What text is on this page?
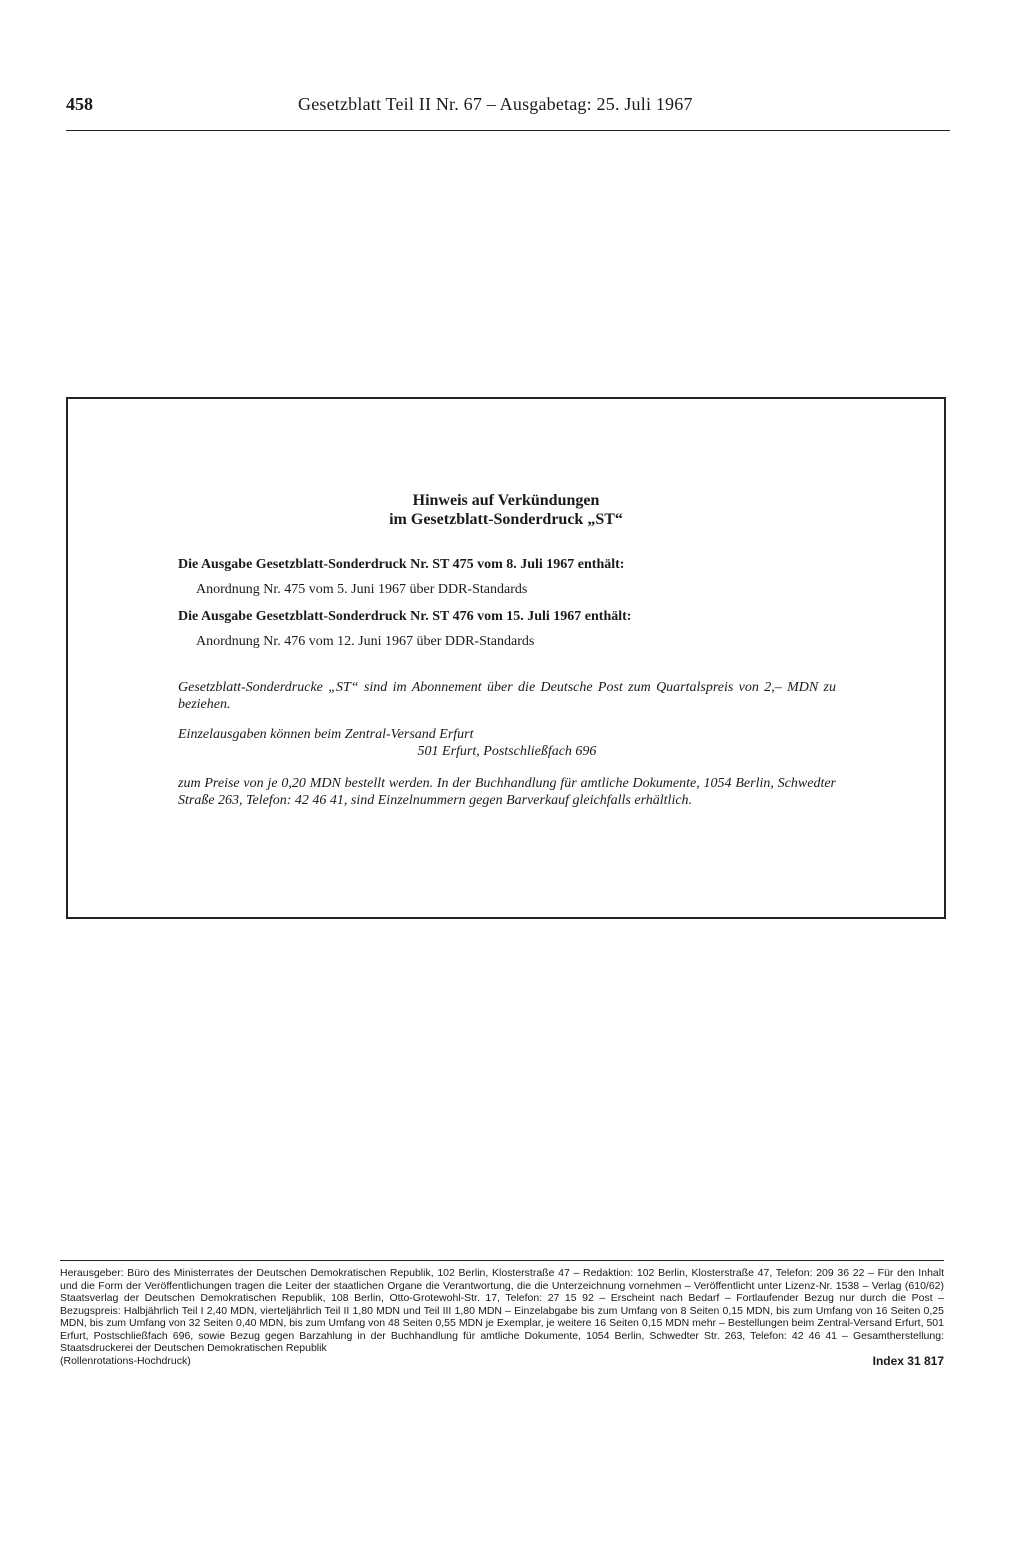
458	Gesetzblatt Teil II Nr. 67 – Ausgabetag: 25. Juli 1967
Hinweis auf Verkündungen
im Gesetzblatt-Sonderdruck „ST“
Die Ausgabe Gesetzblatt-Sonderdruck Nr. ST 475 vom 8. Juli 1967 enthält:
Anordnung Nr. 475 vom 5. Juni 1967 über DDR-Standards
Die Ausgabe Gesetzblatt-Sonderdruck Nr. ST 476 vom 15. Juli 1967 enthält:
Anordnung Nr. 476 vom 12. Juni 1967 über DDR-Standards
Gesetzblatt-Sonderdrucke „ST“ sind im Abonnement über die Deutsche Post zum Quartalspreis von 2,– MDN zu beziehen.
Einzelausgaben können beim Zentral-Versand Erfurt
501 Erfurt, Postschließfach 696
zum Preise von je 0,20 MDN bestellt werden. In der Buchhandlung für amtliche Dokumente, 1054 Berlin, Schwedter Straße 263, Telefon: 42 46 41, sind Einzelnummern gegen Barverkauf gleichfalls erhältlich.
Herausgeber: Büro des Ministerrates der Deutschen Demokratischen Republik, 102 Berlin, Klosterstraße 47 – Redaktion: 102 Berlin, Klosterstraße 47, Telefon: 209 36 22 – Für den Inhalt und die Form der Veröffentlichungen tragen die Leiter der staatlichen Organe die Verantwortung, die die Unterzeichnung vornehmen – Veröffentlicht unter Lizenz-Nr. 1538 – Verlag (610/62) Staatsverlag der Deutschen Demokratischen Republik, 108 Berlin, Otto-Grotewohl-Str. 17, Telefon: 27 15 92 – Erscheint nach Bedarf – Fortlaufender Bezug nur durch die Post – Bezugspreis: Halbjährlich Teil I 2,40 MDN, vierteljährlich Teil II 1,80 MDN und Teil III 1,80 MDN – Einzelabgabe bis zum Umfang von 8 Seiten 0,15 MDN, bis zum Umfang von 16 Seiten 0,25 MDN, bis zum Umfang von 32 Seiten 0,40 MDN, bis zum Umfang von 48 Seiten 0,55 MDN je Exemplar, je weitere 16 Seiten 0,15 MDN mehr – Bestellungen beim Zentral-Versand Erfurt, 501 Erfurt, Postschließfach 696, sowie Bezug gegen Barzahlung in der Buchhandlung für amtliche Dokumente, 1054 Berlin, Schwedter Str. 263, Telefon: 42 46 41 – Gesamtherstellung: Staatsdruckerei der Deutschen Demokratischen Republik
(Rollenrotations-Hochdruck)	Index 31 817
